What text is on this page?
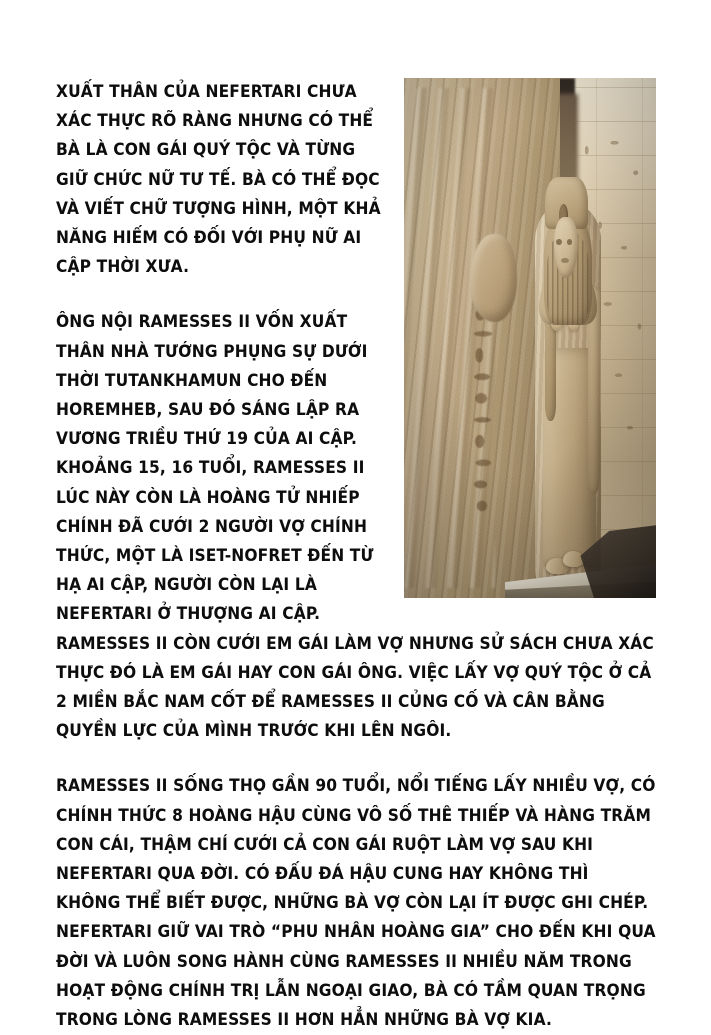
XUẤT THÂN CỦA NEFERTARI CHƯA XÁC THỰC RÕ RÀNG NHƯNG CÓ THỂ BÀ LÀ CON GÁI QUÝ TỘC VÀ TỪNG GIỮ CHỨC NỮ TƯ TẾ. BÀ CÓ THỂ ĐỌC VÀ VIẾT CHỮ TƯỢNG HÌNH, MỘT KHẢ NĂNG HIẾM CÓ ĐỐI VỚI PHỤ NỮ AI CẬP THỜI XƯA.

ÔNG NỘI RAMESSES II VỐN XUẤT THÂN NHÀ TƯỚNG PHỤNG SỰ DƯỚI THỜI TUTANKHAMUN CHO ĐẾN HOREMHEB, SAU ĐÓ SÁNG LẬP RA VƯƠNG TRIỀU THỨ 19 CỦA AI CẬP. KHOẢNG 15, 16 TUỔI, RAMESSES II LÚC NÀY CÒN LÀ HOÀNG TỬ NHIẾP CHÍNH ĐÃ CƯỚI 2 NGƯỜI VỢ CHÍNH THỨC, MỘT LÀ ISET-NOFRET ĐẾN TỪ HẠ AI CẬP, NGƯỜI CÒN LẠI LÀ NEFERTARI Ở THƯỢNG AI CẬP. RAMESSES II CÒN CƯỚI EM GÁI LÀM VỢ NHƯNG SỬ SÁCH CHƯA XÁC THỰC ĐÓ LÀ EM GÁI HAY CON GÁI ÔNG. VIỆC LẤY VỢ QUÝ TỘC Ở CẢ 2 MIỀN BẮC NAM CỐT ĐỂ RAMESSES II CỦNG CỐ VÀ CÂN BẰNG QUYỀN LỰC CỦA MÌNH TRƯỚC KHI LÊN NGÔI.

RAMESSES II SỐNG THỌ GẦN 90 TUỔI, NỔI TIẾNG LẤY NHIỀU VỢ, CÓ CHÍNH THỨC 8 HOÀNG HẬU CÙNG VÔ SỐ THÊ THIẾP VÀ HÀNG TRĂM CON CÁI, THẬM CHÍ CƯỚI CẢ CON GÁI RUỘT LÀM VỢ SAU KHI NEFERTARI QUA ĐỜI. CÓ ĐẤU ĐÁ HẬU CUNG HAY KHÔNG THÌ KHÔNG THỂ BIẾT ĐƯỢC, NHỮNG BÀ VỢ CÒN LẠI ÍT ĐƯỢC GHI CHÉP. NEFERTARI GIỮ VAI TRÒ “PHU NHÂN HOÀNG GIA” CHO ĐẾN KHI QUA ĐỜI VÀ LUÔN SONG HÀNH CÙNG RAMESSES II NHIỀU NĂM TRONG HOẠT ĐỘNG CHÍNH TRỊ LẪN NGOẠI GIAO, BÀ CÓ TẦM QUAN TRỌNG TRONG LÒNG RAMESSES II HƠN HẲN NHỮNG BÀ VỢ KIA.
